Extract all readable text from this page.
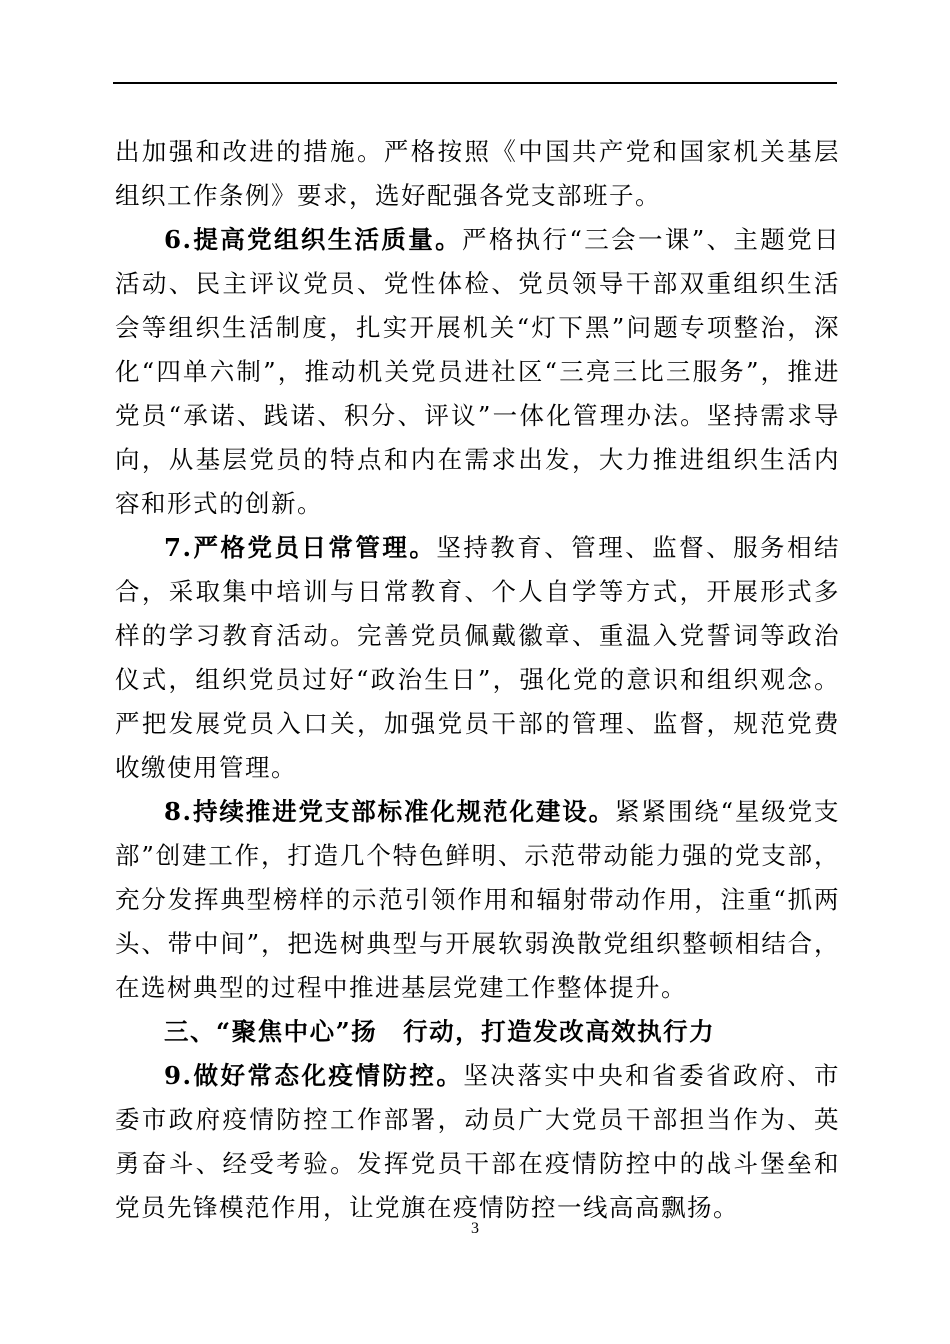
出加强和改进的措施。严格按照《中国共产党和国家机关基层组织工作条例》要求，选好配强各党支部班子。

6.提高党组织生活质量。严格执行“三会一课”、主题党日活动、民主评议党员、党性体检、党员领导干部双重组织生活会等组织生活制度，扎实开展机关“灯下黑”问题专项整治，深化“四单六制”，推动机关党员进社区“三亮三比三服务”，推进党员“承诺、践诺、积分、评议”一体化管理办法。坚持需求导向，从基层党员的特点和内在需求出发，大力推进组织生活内容和形式的创新。

7.严格党员日常管理。坚持教育、管理、监督、服务相结合，采取集中培训与日常教育、个人自学等方式，开展形式多样的学习教育活动。完善党员佩戴徽章、重温入党誓词等政治仪式，组织党员过好“政治生日”，强化党的意识和组织观念。严把发展党员入口关，加强党员干部的管理、监督，规范党费收缴使用管理。

8.持续推进党支部标准化规范化建设。紧紧围绕“星级党支部”创建工作，打造几个特色鲜明、示范带动能力强的党支部，充分发挥典型榜样的示范引领作用和辐射带动作用，注重“抓两头、带中间”，把选树典型与开展软弱涣散党组织整顿相结合，在选树典型的过程中推进基层党建工作整体提升。

三、“聚焦中心”扬　行动，打造发改高效执行力

9.做好常态化疫情防控。坚决落实中央和省委省政府、市委市政府疫情防控工作部署，动员广大党员干部担当作为、英勇奋斗、经受考验。发挥党员干部在疫情防控中的战斗堡垒和党员先锋模范作用，让党旗在疫情防控一线高高飘扬。

3
